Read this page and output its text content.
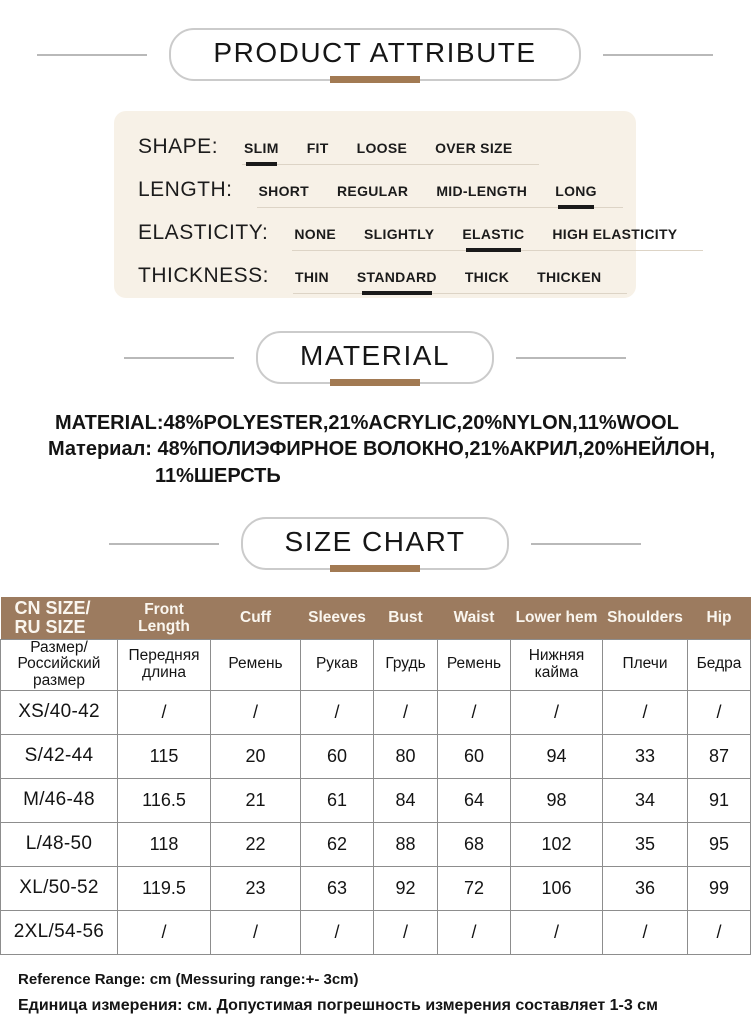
PRODUCT ATTRIBUTE
SHAPE: SLIM FIT LOOSE OVER SIZE
LENGTH: SHORT REGULAR MID-LENGTH LONG
ELASTICITY: NONE SLIGHTLY ELASTIC HIGH ELASTICITY
THICKNESS: THIN STANDARD THICK THICKEN
MATERIAL
MATERIAL:48%POLYESTER,21%ACRYLIC,20%NYLON,11%WOOL
Материал: 48%ПОЛИЭФИРНОЕ ВОЛОКНО,21%АКРИЛ,20%НЕЙЛОН,
11%ШЕРСТЬ
SIZE CHART
CN SIZE/
RU SIZE	Front Length	Cuff	Sleeves	Bust	Waist	Lower hem	Shoulders	Hip
Размер/
Российский
размер	Передняя
длина	Ремень	Рукав	Грудь	Ремень	Нижняя
кайма	Плечи	Бедра
XS/40-42	/	/	/	/	/	/	/	/
S/42-44	115	20	60	80	60	94	33	87
M/46-48	116.5	21	61	84	64	98	34	91
L/48-50	118	22	62	88	68	102	35	95
XL/50-52	119.5	23	63	92	72	106	36	99
2XL/54-56	/	/	/	/	/	/	/	/
Reference Range: cm (Messuring range:+- 3cm)
Единица измерения: см. Допустимая погрешность измерения составляет 1-3 см
